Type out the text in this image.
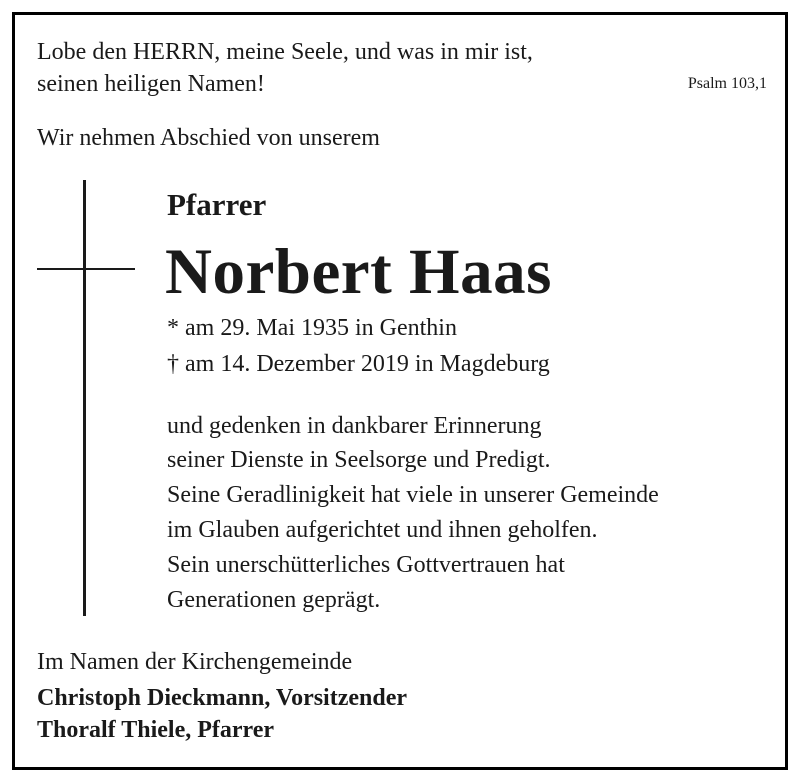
Lobe den HERRN, meine Seele, und was in mir ist,
seinen heiligen Namen!	Psalm 103,1
Wir nehmen Abschied von unserem
Pfarrer
Norbert Haas
* am 29. Mai 1935 in Genthin
† am 14. Dezember 2019 in Magdeburg
und gedenken in dankbarer Erinnerung
seiner Dienste in Seelsorge und Predigt.
Seine Geradlinigkeit hat viele in unserer Gemeinde
im Glauben aufgerichtet und ihnen geholfen.
Sein unerschütterliches Gottvertrauen hat
Generationen geprägt.
Im Namen der Kirchengemeinde
Christoph Dieckmann, Vorsitzender
Thoralf Thiele, Pfarrer
